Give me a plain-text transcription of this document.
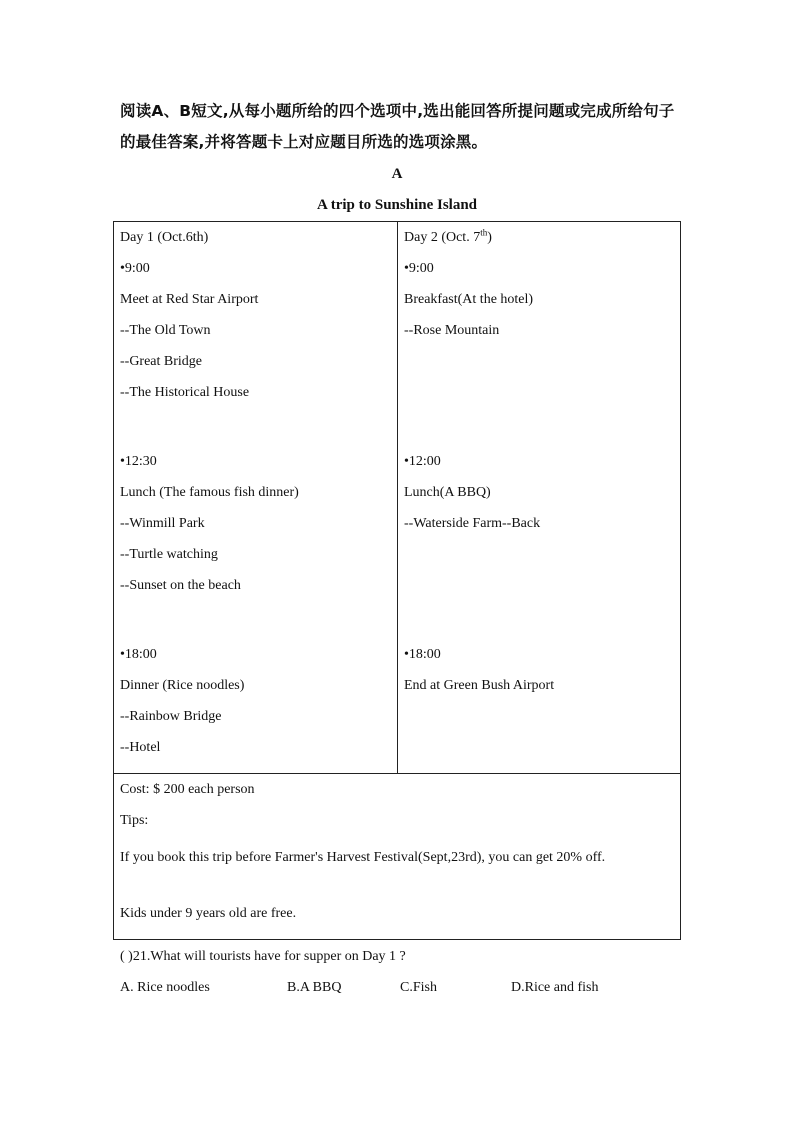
阅读A、B短文,从每小题所给的四个选项中,选出能回答所提问题或完成所给句子的最佳答案,并将答题卡上对应题目所选的选项涂黑。
A
A trip to Sunshine Island
Day 1 (Oct.6th)
•9:00
Meet at Red Star Airport
--The Old Town
--Great Bridge
--The Historical House
•12:30
Lunch (The famous fish dinner)
--Winmill Park
--Turtle watching
--Sunset on the beach
•18:00
Dinner (Rice noodles)
--Rainbow Bridge
--Hotel

Day 2 (Oct. 7th)
•9:00
Breakfast(At the hotel)
--Rose Mountain
•12:00
Lunch(A BBQ)
--Waterside Farm--Back
•18:00
End at Green Bush Airport

Cost: $ 200 each person
Tips:
If you book this trip before Farmer's Harvest Festival(Sept,23rd), you can get 20% off.
Kids under 9 years old are free.
( )21.What will tourists have for supper on Day 1 ?
A. Rice noodles	B.A BBQ	C.Fish	D.Rice and fish
